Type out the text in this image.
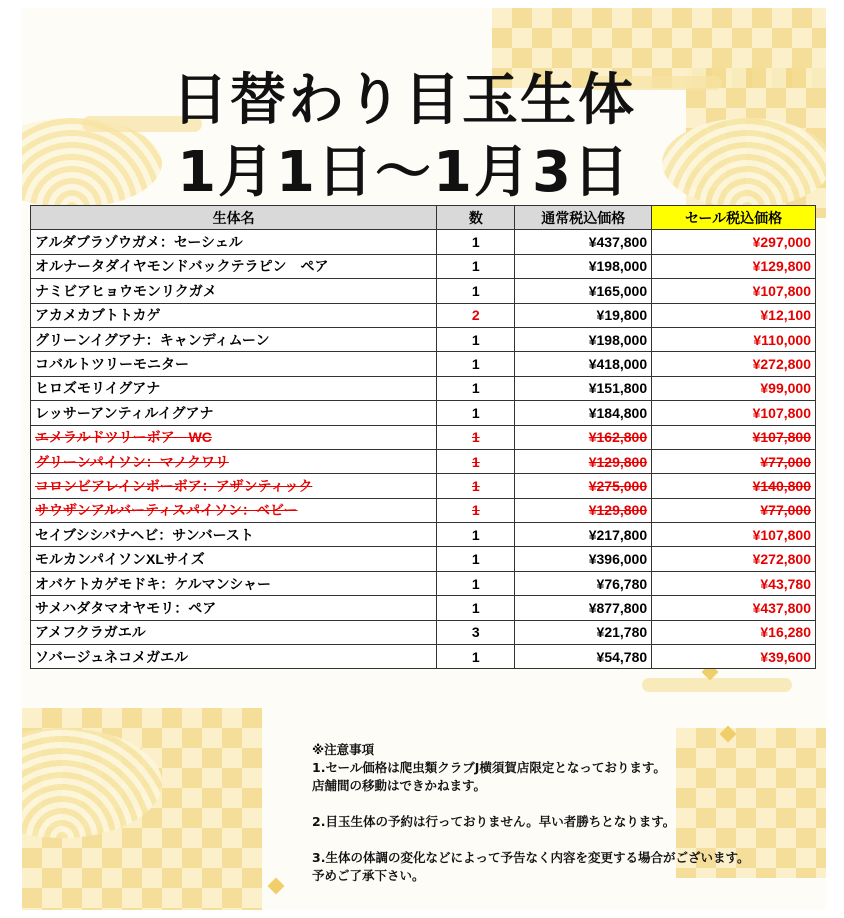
日替わり目玉生体
1月1日～1月3日
生体名	数	通常税込価格	セール税込価格
アルダブラゾウガメ：セーシェル	1	¥437,800	¥297,000
オルナータダイヤモンドバックテラピン　ペア	1	¥198,000	¥129,800
ナミビアヒョウモンリクガメ	1	¥165,000	¥107,800
アカメカブトトカゲ	2	¥19,800	¥12,100
グリーンイグアナ：キャンディムーン	1	¥198,000	¥110,000
コバルトツリーモニター	1	¥418,000	¥272,800
ヒロズモリイグアナ	1	¥151,800	¥99,000
レッサーアンティルイグアナ	1	¥184,800	¥107,800
エメラルドツリーボア　WC	1	¥162,800	¥107,800
グリーンパイソン：マノクワリ	1	¥129,800	¥77,000
コロンビアレインボーボア：アザンティック	1	¥275,000	¥140,800
サウザンアルバーティスパイソン：ベビー	1	¥129,800	¥77,000
セイブシシバナヘビ：サンバースト	1	¥217,800	¥107,800
モルカンパイソンXLサイズ	1	¥396,000	¥272,800
オバケトカゲモドキ：ケルマンシャー	1	¥76,780	¥43,780
サメハダタマオヤモリ：ペア	1	¥877,800	¥437,800
アメフクラガエル	3	¥21,780	¥16,280
ソバージュネコメガエル	1	¥54,780	¥39,600

※注意事項

1.セール価格は爬虫類クラブJ横須賀店限定となっております。

店舗間の移動はできかねます。

2.目玉生体の予約は行っておりません。早い者勝ちとなります。

3.生体の体調の変化などによって予告なく内容を変更する場合がございます。

予めご了承下さい。
